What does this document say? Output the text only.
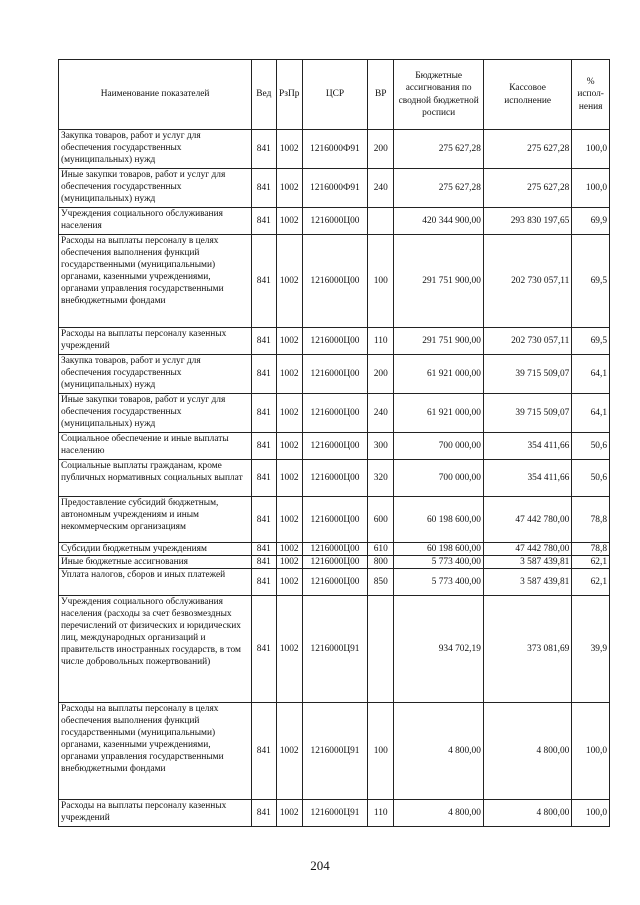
Наименование показателей	Вед	РзПр	ЦСР	ВР	Бюджетные ассигнования по сводной бюджетной росписи	Кассовое исполнение	% испол-нения
Закупка товаров, работ и услуг для обеспечения государственных (муниципальных) нужд	841	1002	1216000Ф91	200	275 627,28	275 627,28	100,0
Иные закупки товаров, работ и услуг для обеспечения государственных (муниципальных) нужд	841	1002	1216000Ф91	240	275 627,28	275 627,28	100,0
Учреждения социального обслуживания населения	841	1002	1216000Ц00		420 344 900,00	293 830 197,65	69,9
Расходы на выплаты персоналу в целях обеспечения выполнения функций государственными (муниципальными) органами, казенными учреждениями, органами управления государственными внебюджетными фондами	841	1002	1216000Ц00	100	291 751 900,00	202 730 057,11	69,5
Расходы на выплаты персоналу казенных учреждений	841	1002	1216000Ц00	110	291 751 900,00	202 730 057,11	69,5
Закупка товаров, работ и услуг для обеспечения государственных (муниципальных) нужд	841	1002	1216000Ц00	200	61 921 000,00	39 715 509,07	64,1
Иные закупки товаров, работ и услуг для обеспечения государственных (муниципальных) нужд	841	1002	1216000Ц00	240	61 921 000,00	39 715 509,07	64,1
Социальное обеспечение и иные выплаты населению	841	1002	1216000Ц00	300	700 000,00	354 411,66	50,6
Социальные выплаты гражданам, кроме публичных нормативных социальных выплат	841	1002	1216000Ц00	320	700 000,00	354 411,66	50,6
Предоставление субсидий бюджетным, автономным учреждениям и иным некоммерческим организациям	841	1002	1216000Ц00	600	60 198 600,00	47 442 780,00	78,8
Субсидии бюджетным учреждениям	841	1002	1216000Ц00	610	60 198 600,00	47 442 780,00	78,8
Иные бюджетные ассигнования	841	1002	1216000Ц00	800	5 773 400,00	3 587 439,81	62,1
Уплата налогов, сборов и иных платежей	841	1002	1216000Ц00	850	5 773 400,00	3 587 439,81	62,1
Учреждения социального обслуживания населения (расходы за счет безвозмездных перечислений от физических и юридических лиц, международных организаций и правительств иностранных государств, в том числе добровольных пожертвований)	841	1002	1216000Ц91		934 702,19	373 081,69	39,9
Расходы на выплаты персоналу в целях обеспечения выполнения функций государственными (муниципальными) органами, казенными учреждениями, органами управления государственными внебюджетными фондами	841	1002	1216000Ц91	100	4 800,00	4 800,00	100,0
Расходы на выплаты персоналу казенных учреждений	841	1002	1216000Ц91	110	4 800,00	4 800,00	100,0
204
